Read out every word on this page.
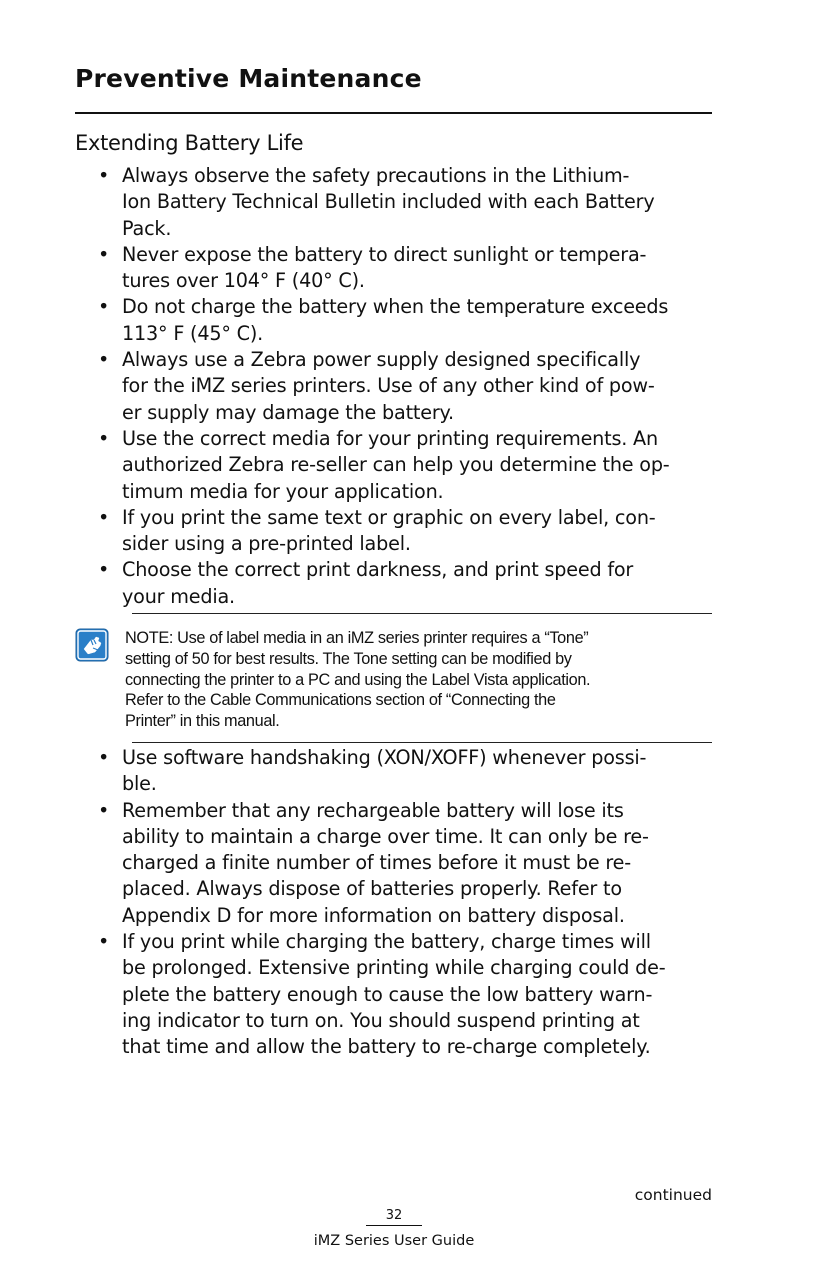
Preventive Maintenance
Extending Battery Life
• Always observe the safety precautions in the Lithium-
Ion Battery Technical Bulletin included with each Battery
Pack.
• Never expose the battery to direct sunlight or tempera-
tures over 104° F (40° C).
• Do not charge the battery when the temperature exceeds
113° F (45° C).
• Always use a Zebra power supply designed specifically
for the iMZ series printers. Use of any other kind of pow-
er supply may damage the battery.
• Use the correct media for your printing requirements. An
authorized Zebra re-seller can help you determine the op-
timum media for your application.
• If you print the same text or graphic on every label, con-
sider using a pre-printed label.
• Choose the correct print darkness, and print speed for
your media.
NOTE: Use of label media in an iMZ series printer requires a “Tone”
setting of 50 for best results. The Tone setting can be modified by
connecting the printer to a PC and using the Label Vista application.
Refer to the Cable Communications section of “Connecting the
Printer” in this manual.
• Use software handshaking (XON/XOFF) whenever possi-
ble.
• Remember that any rechargeable battery will lose its
ability to maintain a charge over time. It can only be re-
charged a finite number of times before it must be re-
placed. Always dispose of batteries properly. Refer to
Appendix D for more information on battery disposal.
• If you print while charging the battery, charge times will
be prolonged. Extensive printing while charging could de-
plete the battery enough to cause the low battery warn-
ing indicator to turn on. You should suspend printing at
that time and allow the battery to re-charge completely.
continued
32
iMZ Series User Guide
